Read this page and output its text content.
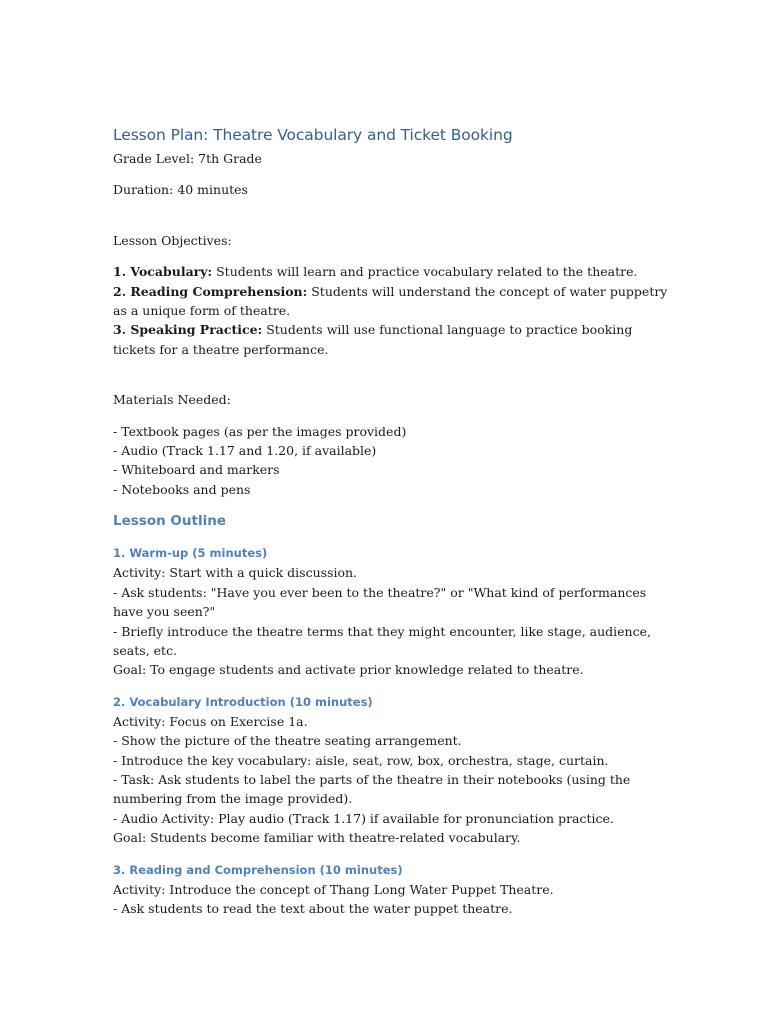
Lesson Plan: Theatre Vocabulary and Ticket Booking

Grade Level: 7th Grade

Duration: 40 minutes

Lesson Objectives:

1. Vocabulary: Students will learn and practice vocabulary related to the theatre.

2. Reading Comprehension: Students will understand the concept of water puppetry as a unique form of theatre.

3. Speaking Practice: Students will use functional language to practice booking tickets for a theatre performance.

Materials Needed:

- Textbook pages (as per the images provided)

- Audio (Track 1.17 and 1.20, if available)

- Whiteboard and markers

- Notebooks and pens

Lesson Outline
1. Warm-up (5 minutes)

Activity: Start with a quick discussion.

- Ask students: "Have you ever been to the theatre?" or "What kind of performances have you seen?"

- Briefly introduce the theatre terms that they might encounter, like stage, audience, seats, etc.

Goal: To engage students and activate prior knowledge related to theatre.

2. Vocabulary Introduction (10 minutes)

Activity: Focus on Exercise 1a.

- Show the picture of the theatre seating arrangement.

- Introduce the key vocabulary: aisle, seat, row, box, orchestra, stage, curtain.

- Task: Ask students to label the parts of the theatre in their notebooks (using the numbering from the image provided).

- Audio Activity: Play audio (Track 1.17) if available for pronunciation practice.

Goal: Students become familiar with theatre-related vocabulary.

3. Reading and Comprehension (10 minutes)

Activity: Introduce the concept of Thang Long Water Puppet Theatre.

- Ask students to read the text about the water puppet theatre.
